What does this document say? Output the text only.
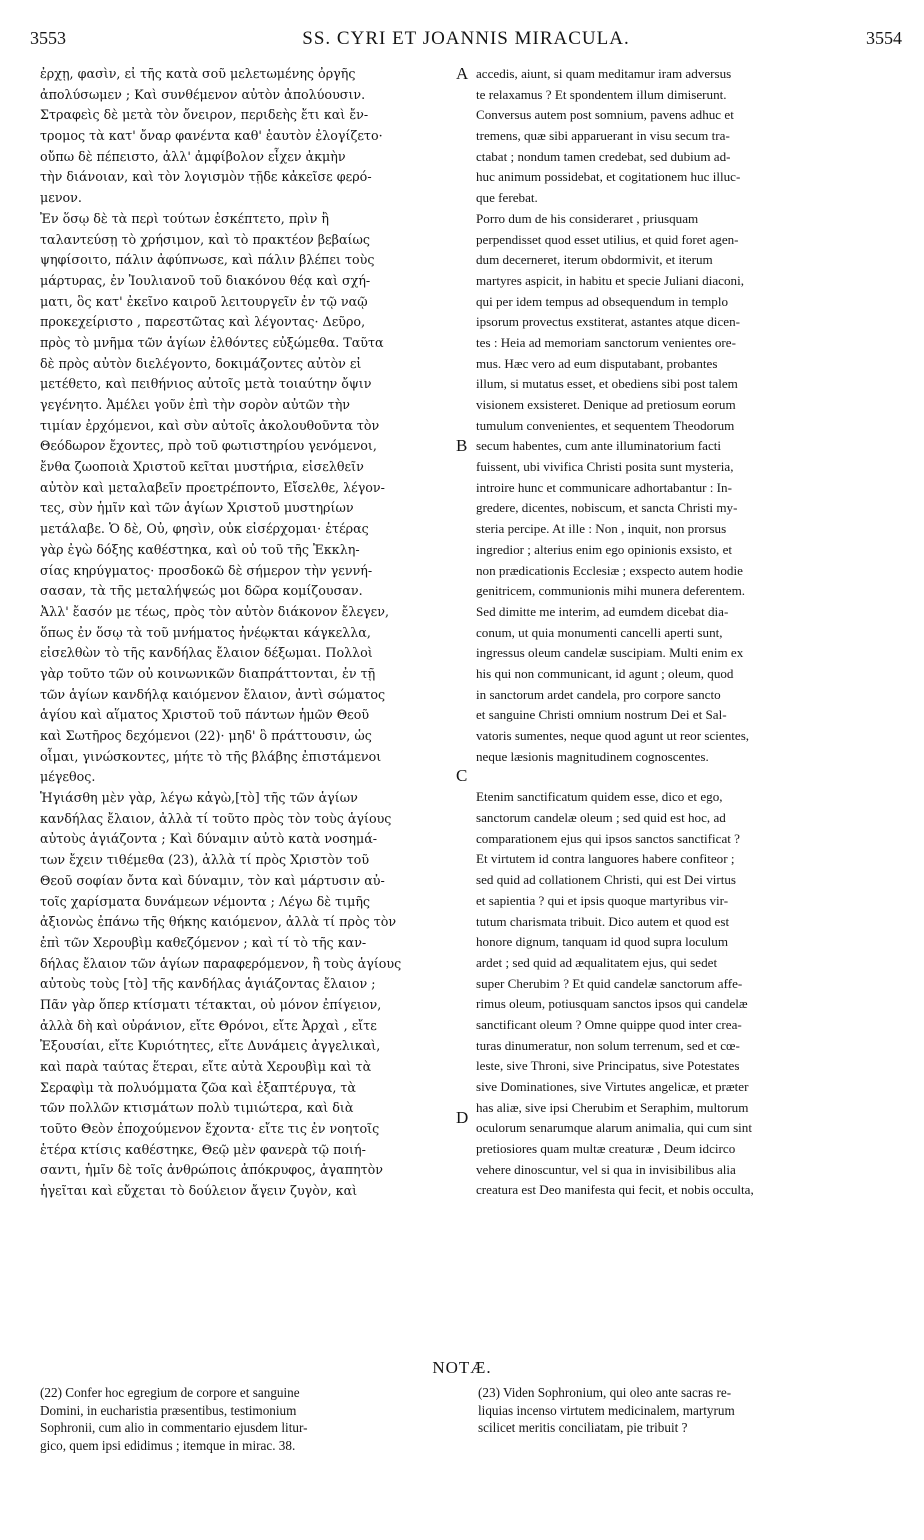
3553	SS. CYRI ET JOANNIS MIRACULA.	3554
ἐρχῃ, φασὶν, εἰ τῆς κατὰ σοῦ μελετωμένης ὀργῆς
ἀπολύσωμεν ; Καὶ συνθέμενον αὐτὸν ἀπολύουσιν.
Στραφεὶς δὲ μετὰ τὸν ὄνειρον, περιδεὴς ἔτι καὶ ἔν-
τρομος τὰ κατ' ὄναρ φανέντα καθ' ἑαυτὸν ἐλογίζετο·
οὔπω δὲ πέπειστο, ἀλλ' ἀμφίβολον εἶχεν ἀκμὴν
τὴν διάνοιαν, καὶ τὸν λογισμὸν τῇδε κἀκεῖσε φερό-
μενον.
Ἐν ὅσῳ δὲ τὰ περὶ τούτων ἐσκέπτετο, πρὶν ἢ
ταλαντεύσῃ τὸ χρήσιμον, καὶ τὸ πρακτέον βεβαίως
ψηφίσοιτο, πάλιν ἀφύπνωσε, καὶ πάλιν βλέπει τοὺς
μάρτυρας, ἐν Ἰουλιανοῦ τοῦ διακόνου θέᾳ καὶ σχή-
ματι, ὃς κατ' ἐκεῖνο καιροῦ λειτουργεῖν ἐν τῷ ναῷ
προκεχείριστο , παρεστῶτας καὶ λέγοντας· Δεῦρο,
πρὸς τὸ μνῆμα τῶν ἁγίων ἐλθόντες εὐξώμεθα. Ταῦτα
δὲ πρὸς αὐτὸν διελέγοντο, δοκιμάζοντες αὐτὸν εἰ
μετέθετο, καὶ πειθήνιος αὐτοῖς μετὰ τοιαύτην ὄψιν
γεγένητο. Ἀμέλει γοῦν ἐπὶ τὴν σορὸν αὐτῶν τὴν
τιμίαν ἐρχόμενοι, καὶ σὺν αὐτοῖς ἀκολουθοῦντα τὸν
Θεόδωρον ἔχοντες, πρὸ τοῦ φωτιστηρίου γενόμενοι,
ἔνθα ζωοποιὰ Χριστοῦ κεῖται μυστήρια, εἰσελθεῖν
αὐτὸν καὶ μεταλαβεῖν προετρέποντο, Εἴσελθε, λέγον-
τες, σὺν ἡμῖν καὶ τῶν ἁγίων Χριστοῦ μυστηρίων
μετάλαβε. Ὁ δὲ, Οὐ, φησὶν, οὐκ εἰσέρχομαι· ἑτέρας
γὰρ ἐγὼ δόξης καθέστηκα, καὶ οὐ τοῦ τῆς Ἐκκλη-
σίας κηρύγματος· προσδοκῶ δὲ σήμερον τὴν γεννή-
σασαν, τὰ τῆς μεταλήψεώς μοι δῶρα κομίζουσαν.
Ἀλλ' ἔασόν με τέως, πρὸς τὸν αὐτὸν διάκονον ἔλεγεν,
ὅπως ἐν ὅσῳ τὰ τοῦ μνήματος ἠνέῳκται κάγκελλα,
εἰσελθὼν τὸ τῆς κανδήλας ἔλαιον δέξωμαι. Πολλοὶ
γὰρ τοῦτο τῶν οὐ κοινωνικῶν διαπράττονται, ἐν τῇ
τῶν ἁγίων κανδήλᾳ καιόμενον ἔλαιον, ἀντὶ σώματος
ἁγίου καὶ αἵματος Χριστοῦ τοῦ πάντων ἡμῶν Θεοῦ
καὶ Σωτῆρος δεχόμενοι (22)· μηδ' ὃ πράττουσιν, ὡς
οἶμαι, γινώσκοντες, μήτε τὸ τῆς βλάβης ἐπιστάμενοι
μέγεθος.
Ἡγιάσθη μὲν γὰρ, λέγω κἀγὼ,[τὸ] τῆς τῶν ἁγίων
κανδήλας ἔλαιον, ἀλλὰ τί τοῦτο πρὸς τὸν τοὺς ἁγίους
αὐτοὺς ἁγιάζοντα ; Καὶ δύναμιν αὐτὸ κατὰ νοσημά-
των ἔχειν τιθέμεθα (23), ἀλλὰ τί πρὸς Χριστὸν τοῦ
Θεοῦ σοφίαν ὄντα καὶ δύναμιν, τὸν καὶ μάρτυσιν αὐ-
τοῖς χαρίσματα δυνάμεων νέμοντα ; Λέγω δὲ τιμῆς
ἀξιονὼς ἐπάνω τῆς θήκης καιόμενον, ἀλλὰ τί πρὸς τὸν
ἐπὶ τῶν Χερουβὶμ καθεζόμενον ; καὶ τί τὸ τῆς καν-
δήλας ἔλαιον τῶν ἁγίων παραφερόμενον, ἢ τοὺς ἁγίους
αὐτοὺς τοὺς [τὸ] τῆς κανδήλας ἁγιάζοντας ἔλαιον ;
Πᾶν γὰρ ὅπερ κτίσματι τέτακται, οὐ μόνον ἐπίγειον,
ἀλλὰ δὴ καὶ οὐράνιον, εἴτε Θρόνοι, εἴτε Ἀρχαὶ , εἴτε
Ἐξουσίαι, εἴτε Κυριότητες, εἴτε Δυνάμεις ἀγγελικαὶ,
καὶ παρὰ ταύτας ἕτεραι, εἴτε αὐτὰ Χερουβὶμ καὶ τὰ
Σεραφὶμ τὰ πολυόμματα ζῶα καὶ ἑξαπτέρυγα, τὰ
τῶν πολλῶν κτισμάτων πολὺ τιμιώτερα, καὶ διὰ
τοῦτο Θεὸν ἐποχούμενον ἔχοντα· εἴτε τις ἐν νοητοῖς
ἑτέρα κτίσις καθέστηκε, Θεῷ μὲν φανερὰ τῷ ποιή-
σαντι, ἡμῖν δὲ τοῖς ἀνθρώποις ἀπόκρυφος, ἀγαπητὸν
ἡγεῖται καὶ εὔχεται τὸ δούλειον ἄγειν ζυγὸν, καὶ
accedis, aiunt, si quam meditamur iram adversus
te relaxamus ? Et spondentem illum dimiserunt.
Conversus autem post somnium, pavens adhuc et
tremens, quæ sibi apparuerant in visu secum tra-
ctabat ; nondum tamen credebat, sed dubium ad-
huc animum possidebat, et cogitationem huc illuc-
que ferebat.
Porro dum de his consideraret , priusquam
perpendisset quod esset utilius, et quid foret agen-
dum decerneret, iterum obdormivit, et iterum
martyres aspicit, in habitu et specie Juliani diaconi,
qui per idem tempus ad obsequendum in templo
ipsorum provectus exstiterat, astantes atque dicen-
tes : Heia ad memoriam sanctorum venientes ore-
mus. Hæc vero ad eum disputabant, probantes
illum, si mutatus esset, et obediens sibi post talem
visionem exsisteret. Denique ad pretiosum eorum
tumulum convenientes, et sequentem Theodorum
secum habentes, cum ante illuminatorium facti
fuissent, ubi vivifica Christi posita sunt mysteria,
introire hunc et communicare adhortabantur : In-
gredere, dicentes, nobiscum, et sancta Christi my-
steria percipe. At ille : Non , inquit, non prorsus
ingredior ; alterius enim ego opinionis exsisto, et
non prædicationis Ecclesiæ ; exspecto autem hodie
genitricem, communionis mihi munera deferentem.
Sed dimitte me interim, ad eumdem dicebat dia-
conum, ut quia monumenti cancelli aperti sunt,
ingressus oleum candelæ suscipiam. Multi enim ex
his qui non communicant, id agunt ; oleum, quod
in sanctorum ardet candela, pro corpore sancto
et sanguine Christi omnium nostrum Dei et Sal-
vatoris sumentes, neque quod agunt ut reor scientes,
neque læsionis magnitudinem cognoscentes.
Etenim sanctificatum quidem esse, dico et ego,
sanctorum candelæ oleum ; sed quid est hoc, ad
comparationem ejus qui ipsos sanctos sanctificat ?
Et virtutem id contra languores habere confiteor ;
sed quid ad collationem Christi, qui est Dei virtus
et sapientia ? qui et ipsis quoque martyribus vir-
tutum charismata tribuit. Dico autem et quod est
honore dignum, tanquam id quod supra loculum
ardet ; sed quid ad æqualitatem ejus, qui sedet
super Cherubim ? Et quid candelæ sanctorum affe-
rimus oleum, potiusquam sanctos ipsos qui candelæ
sanctificant oleum ? Omne quippe quod inter crea-
turas dinumeratur, non solum terrenum, sed et cœ-
leste, sive Throni, sive Principatus, sive Potestates
sive Dominationes, sive Virtutes angelicæ, et præter
has aliæ, sive ipsi Cherubim et Seraphim, multorum
oculorum senarumque alarum animalia, qui cum sint
pretiosiores quam multæ creaturæ , Deum idcirco
vehere dinoscuntur, vel si qua in invisibilibus alia
creatura est Deo manifesta qui fecit, et nobis occulta,
A
B
C
D
NOTÆ.
(22) Confer hoc egregium de corpore et sanguine
Domini, in eucharistia præsentibus, testimonium
Sophronii, cum alio in commentario ejusdem litur-
gico, quem ipsi edidimus ; itemque in mirac. 38.
(23) Viden Sophronium, qui oleo ante sacras re-
liquias incenso virtutem medicinalem, martyrum
scilicet meritis conciliatam, pie tribuit ?
